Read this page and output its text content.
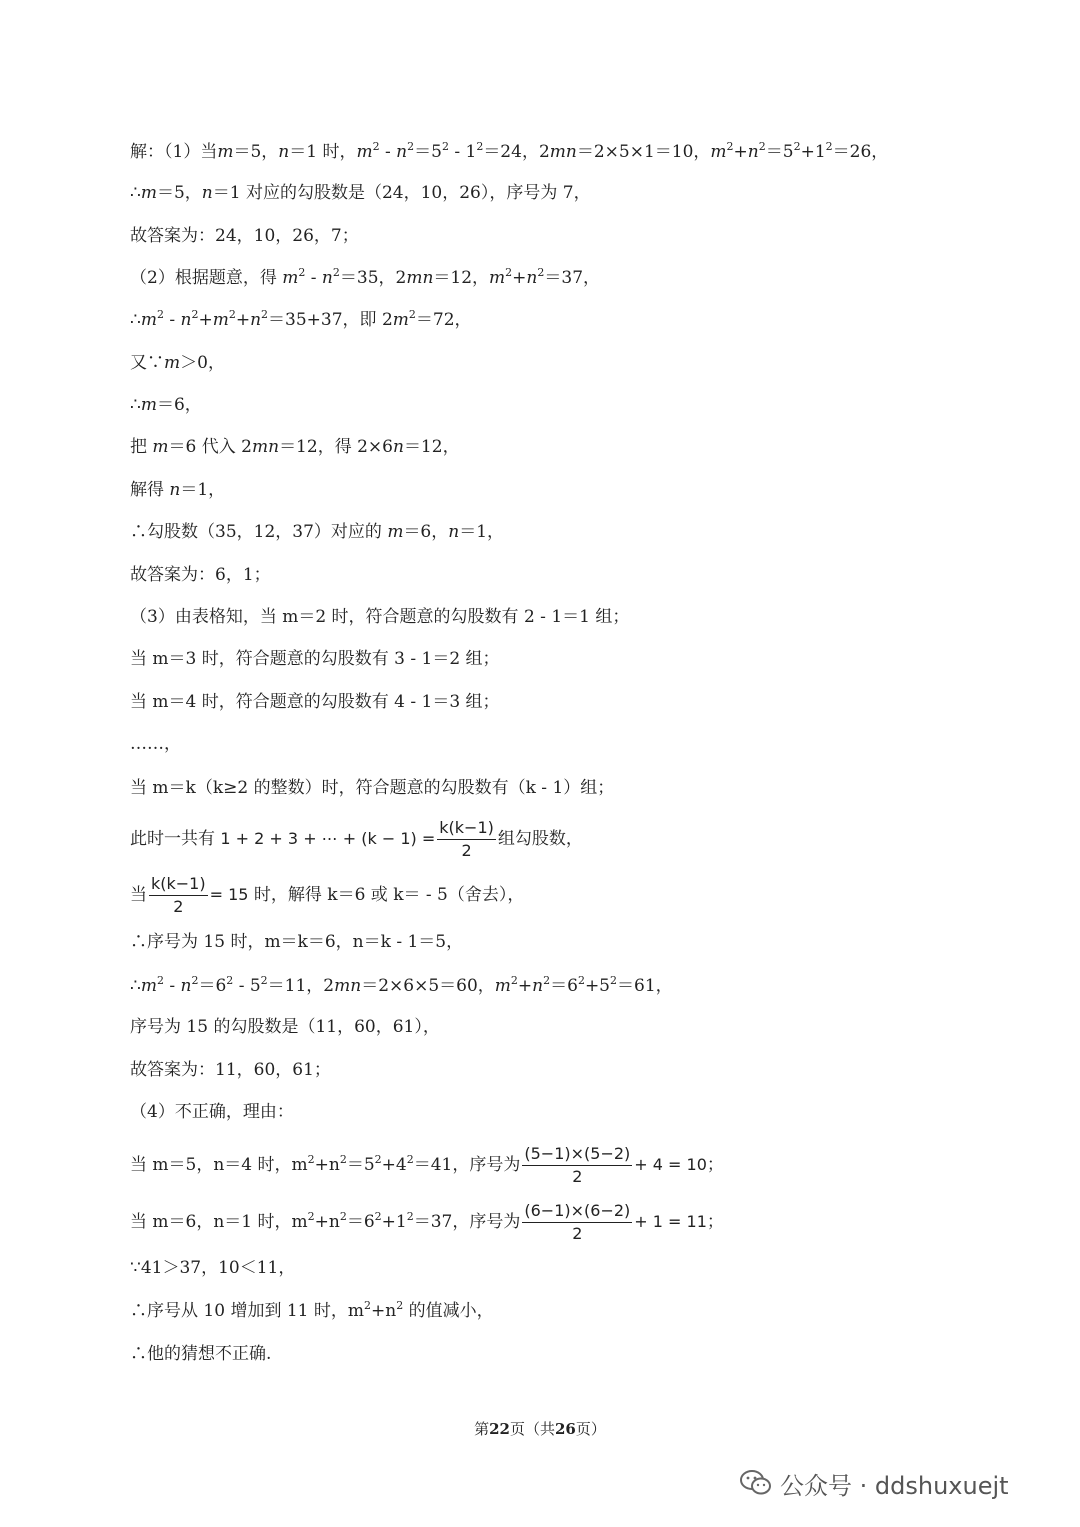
解：（1）当m＝5，n＝1 时，$m^2 - n^2=5^2 - 1^2=24$，2mn＝2×5×1＝10，$m^2+n^2=5^2+1^2=26$，
∴m＝5，n＝1 对应的勾股数是（24，10，26），序号为 7，
故答案为：24，10，26，7；
（2）根据题意，得 $m^2 - n^2=35$，2mn＝12，$m^2+n^2=37$，
$\therefore m^2 - n^2+m^2+n^2=35+37$，即 $2m^2=72$，
又∵m＞0，
∴m＝6，
把 m＝6 代入 2mn＝12，得 2×6n＝12，
解得 n＝1，
∴勾股数（35，12，37）对应的 m＝6，n＝1，
故答案为：6，1；
（3）由表格知，当 m＝2 时，符合题意的勾股数有 2 - 1＝1 组；
当 m＝3 时，符合题意的勾股数有 3 - 1＝2 组；
当 m＝4 时，符合题意的勾股数有 4 - 1＝3 组；
……，
当 m＝k（k≥2 的整数）时，符合题意的勾股数有（k - 1）组；
此时一共有 1 + 2 + 3 + ⋯ + $(k - 1) = \frac{k(k-1)}{2}$ 组勾股数，
当 $\frac{k(k-1)}{2} = 15$ 时，解得 k＝6 或 k＝ - 5（舍去），
∴序号为 15 时，m＝k＝6，n＝k - 1＝5，
$\therefore m^2 - n^2=6^2 - 5^2=11$，2mn＝2×6×5＝60，$m^2+n^2=6^2+5^2=61$，
序号为 15 的勾股数是（11，60，61），
故答案为：11，60，61；
（4）不正确，理由：
当 m＝5，n＝4 时，$m^2+n^2=5^2+4^2=41$，序号为 $\frac{(5-1)\times(5-2)}{2} + 4 = 10$；
当 m＝6，n＝1 时，$m^2+n^2=6^2+1^2=37$，序号为 $\frac{(6-1)\times(6-2)}{2} + 1 = 11$；
∵41＞37，10＜11，
∴序号从 10 增加到 11 时，$m^2+n^2$ 的值减小，
∴他的猜想不正确.
第22页（共26页）
公众号 · ddshuxuejt
